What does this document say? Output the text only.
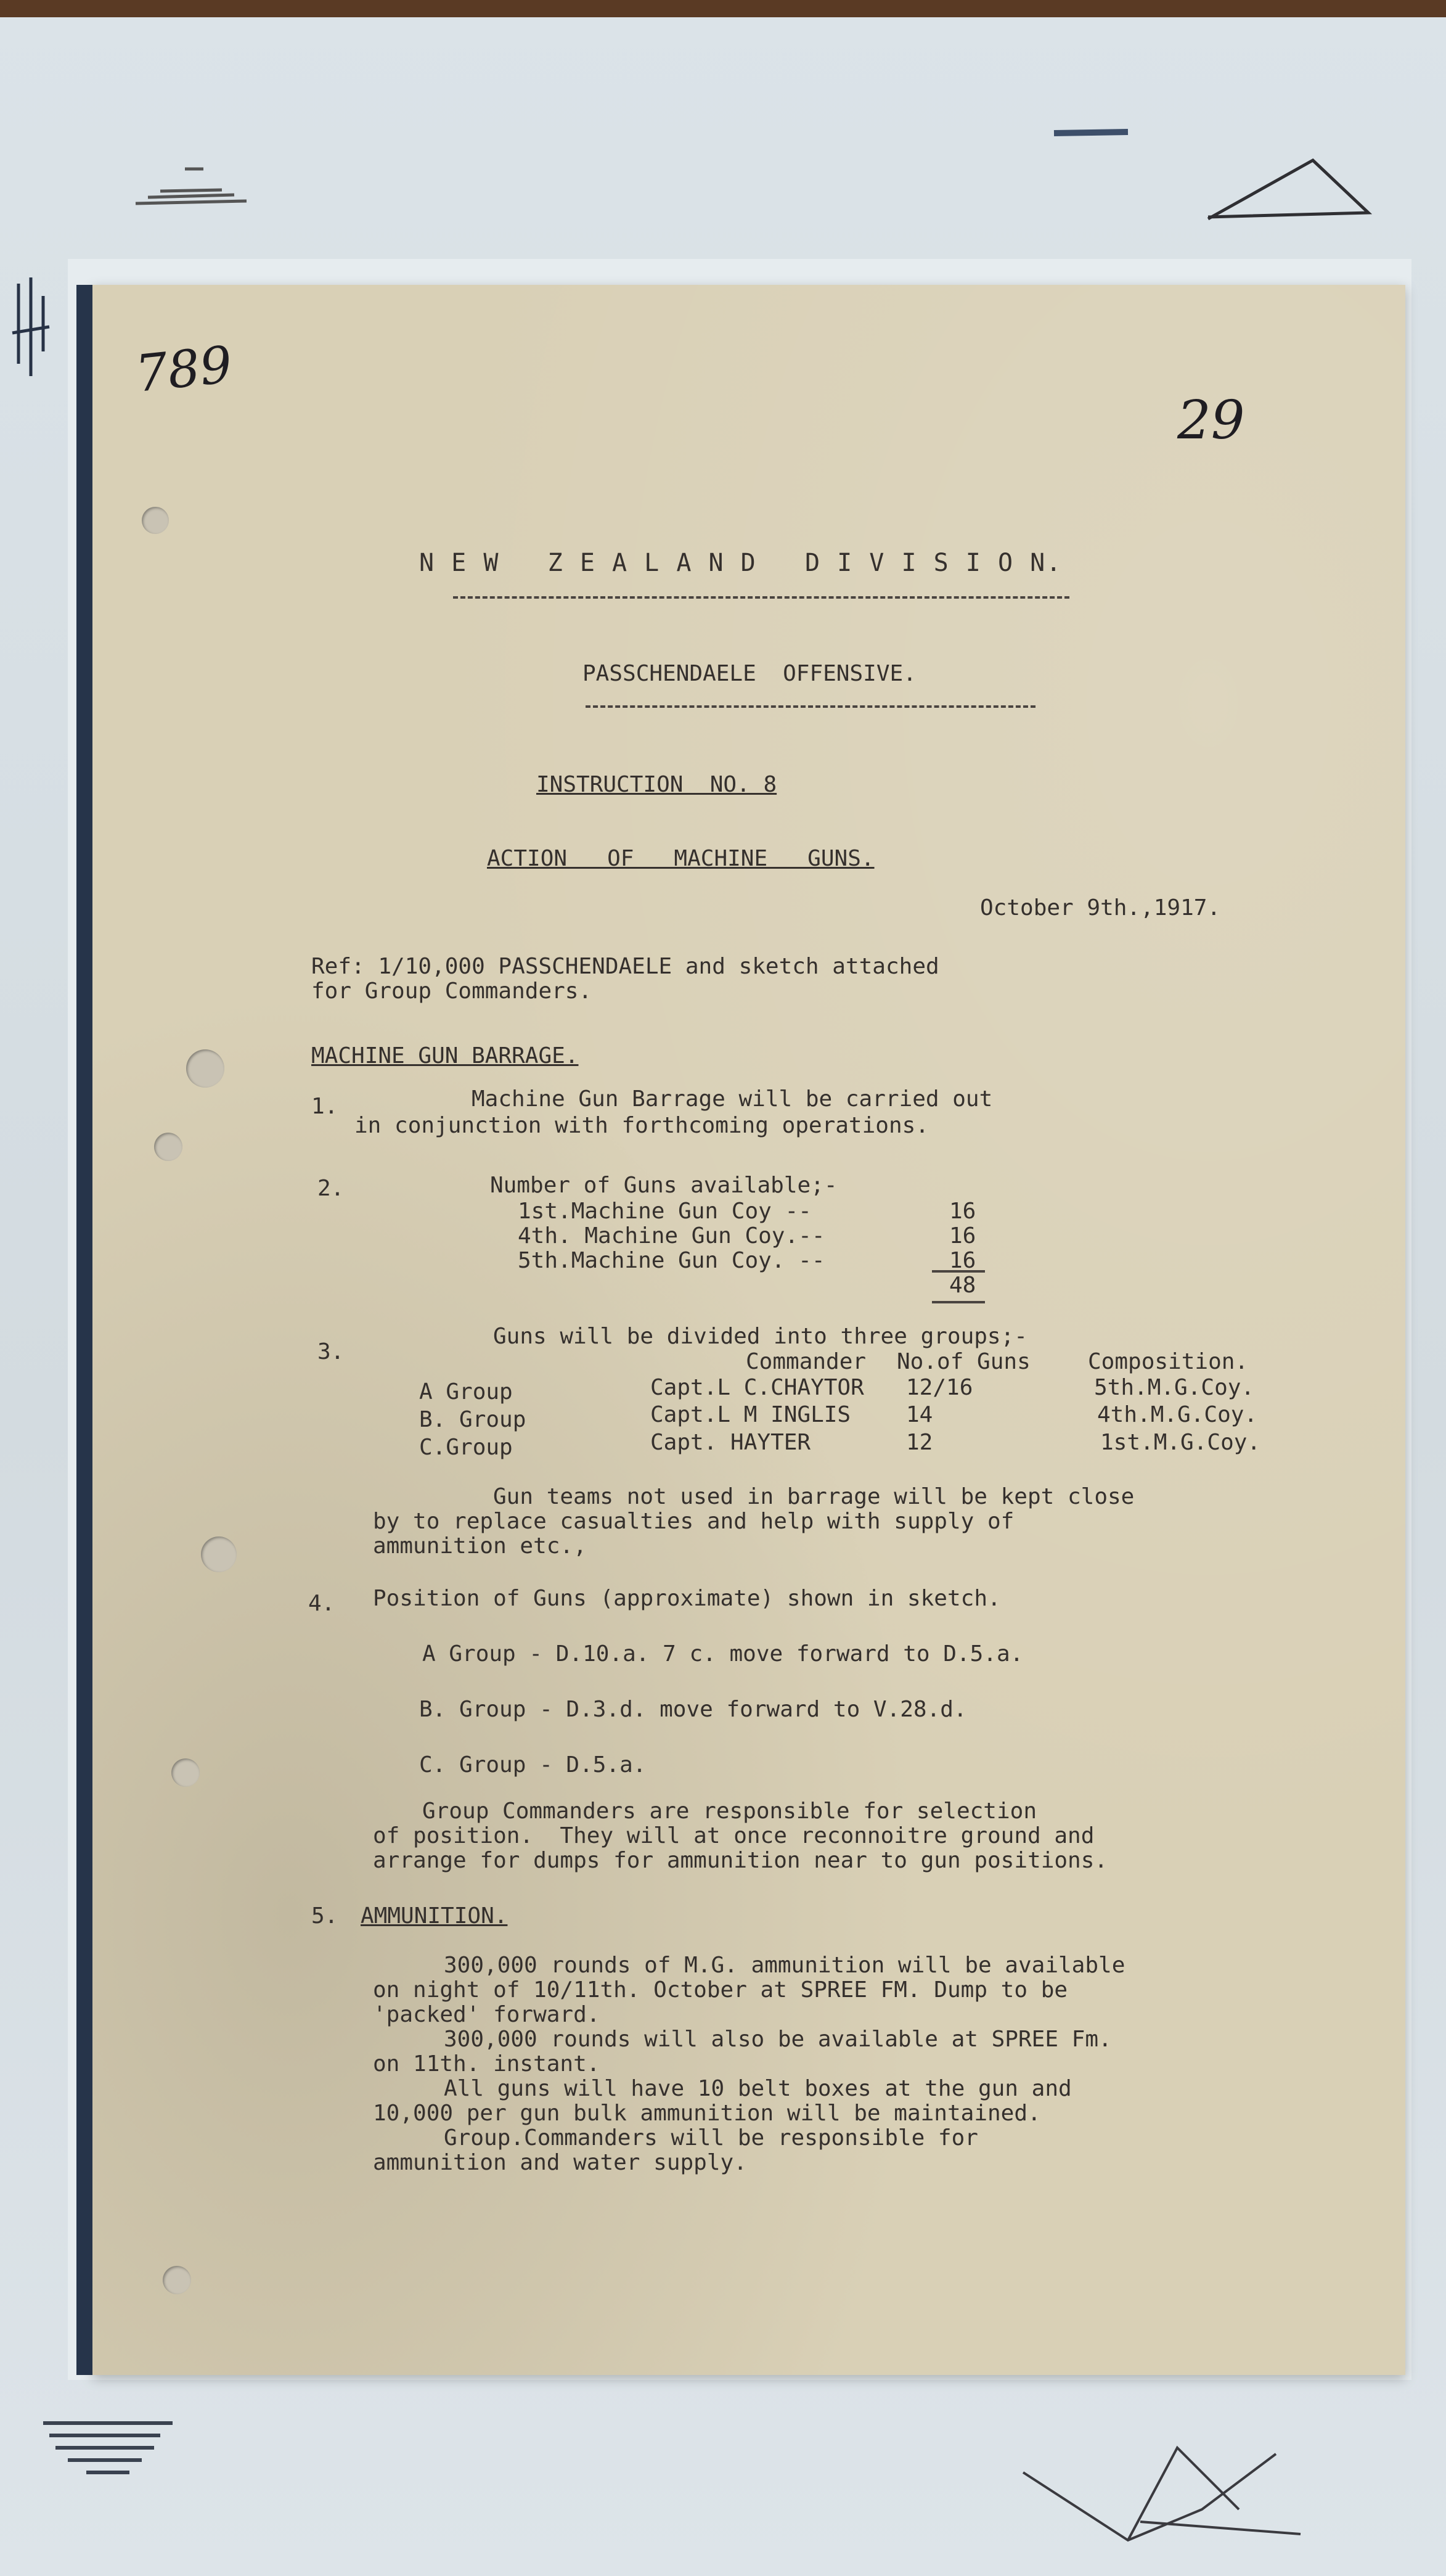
789
29
N E W   Z E A L A N D   D I V I S I O N.
PASSCHENDAELE  OFFENSIVE.
INSTRUCTION  NO. 8
ACTION   OF   MACHINE   GUNS.
October 9th.,1917.
Ref: 1/10,000 PASSCHENDAELE and sketch attached
for Group Commanders.
MACHINE GUN BARRAGE.
1.	Machine Gun Barrage will be carried out
in conjunction with forthcoming operations.
2.	Number of Guns available;-
1st.Machine Gun Coy --	16
4th. Machine Gun Coy.--	16
5th.Machine Gun Coy. --	16
48
3.
Guns will be divided into three groups;-
Commander No.of Guns	Composition.
A Group	Capt.L C.CHAYTOR 12/16	5th.M.G.Coy.
B. Group	Capt.L M INGLIS 14	4th.M.G.Coy.
C.Group	Capt. HAYTER	12	1st.M.G.Coy.
Gun teams not used in barrage will be kept close
by to replace casualties and help with supply of
ammunition etc.,
4. Position of Guns (approximate) shown in sketch.
A Group - D.10.a. 7 c. move forward to D.5.a.
B. Group - D.3.d. move forward to V.28.d.
C. Group - D.5.a.
Group Commanders are responsible for selection
of position.  They will at once reconnoitre ground and
arrange for dumps for ammunition near to gun positions.
5. AMMUNITION.
300,000 rounds of M.G. ammunition will be available
on night of 10/11th. October at SPREE FM. Dump to be
'packed' forward.
300,000 rounds will also be available at SPREE Fm.
on 11th. instant.
All guns will have 10 belt boxes at the gun and
10,000 per gun bulk ammunition will be maintained.
Group.Commanders will be responsible for
ammunition and water supply.
